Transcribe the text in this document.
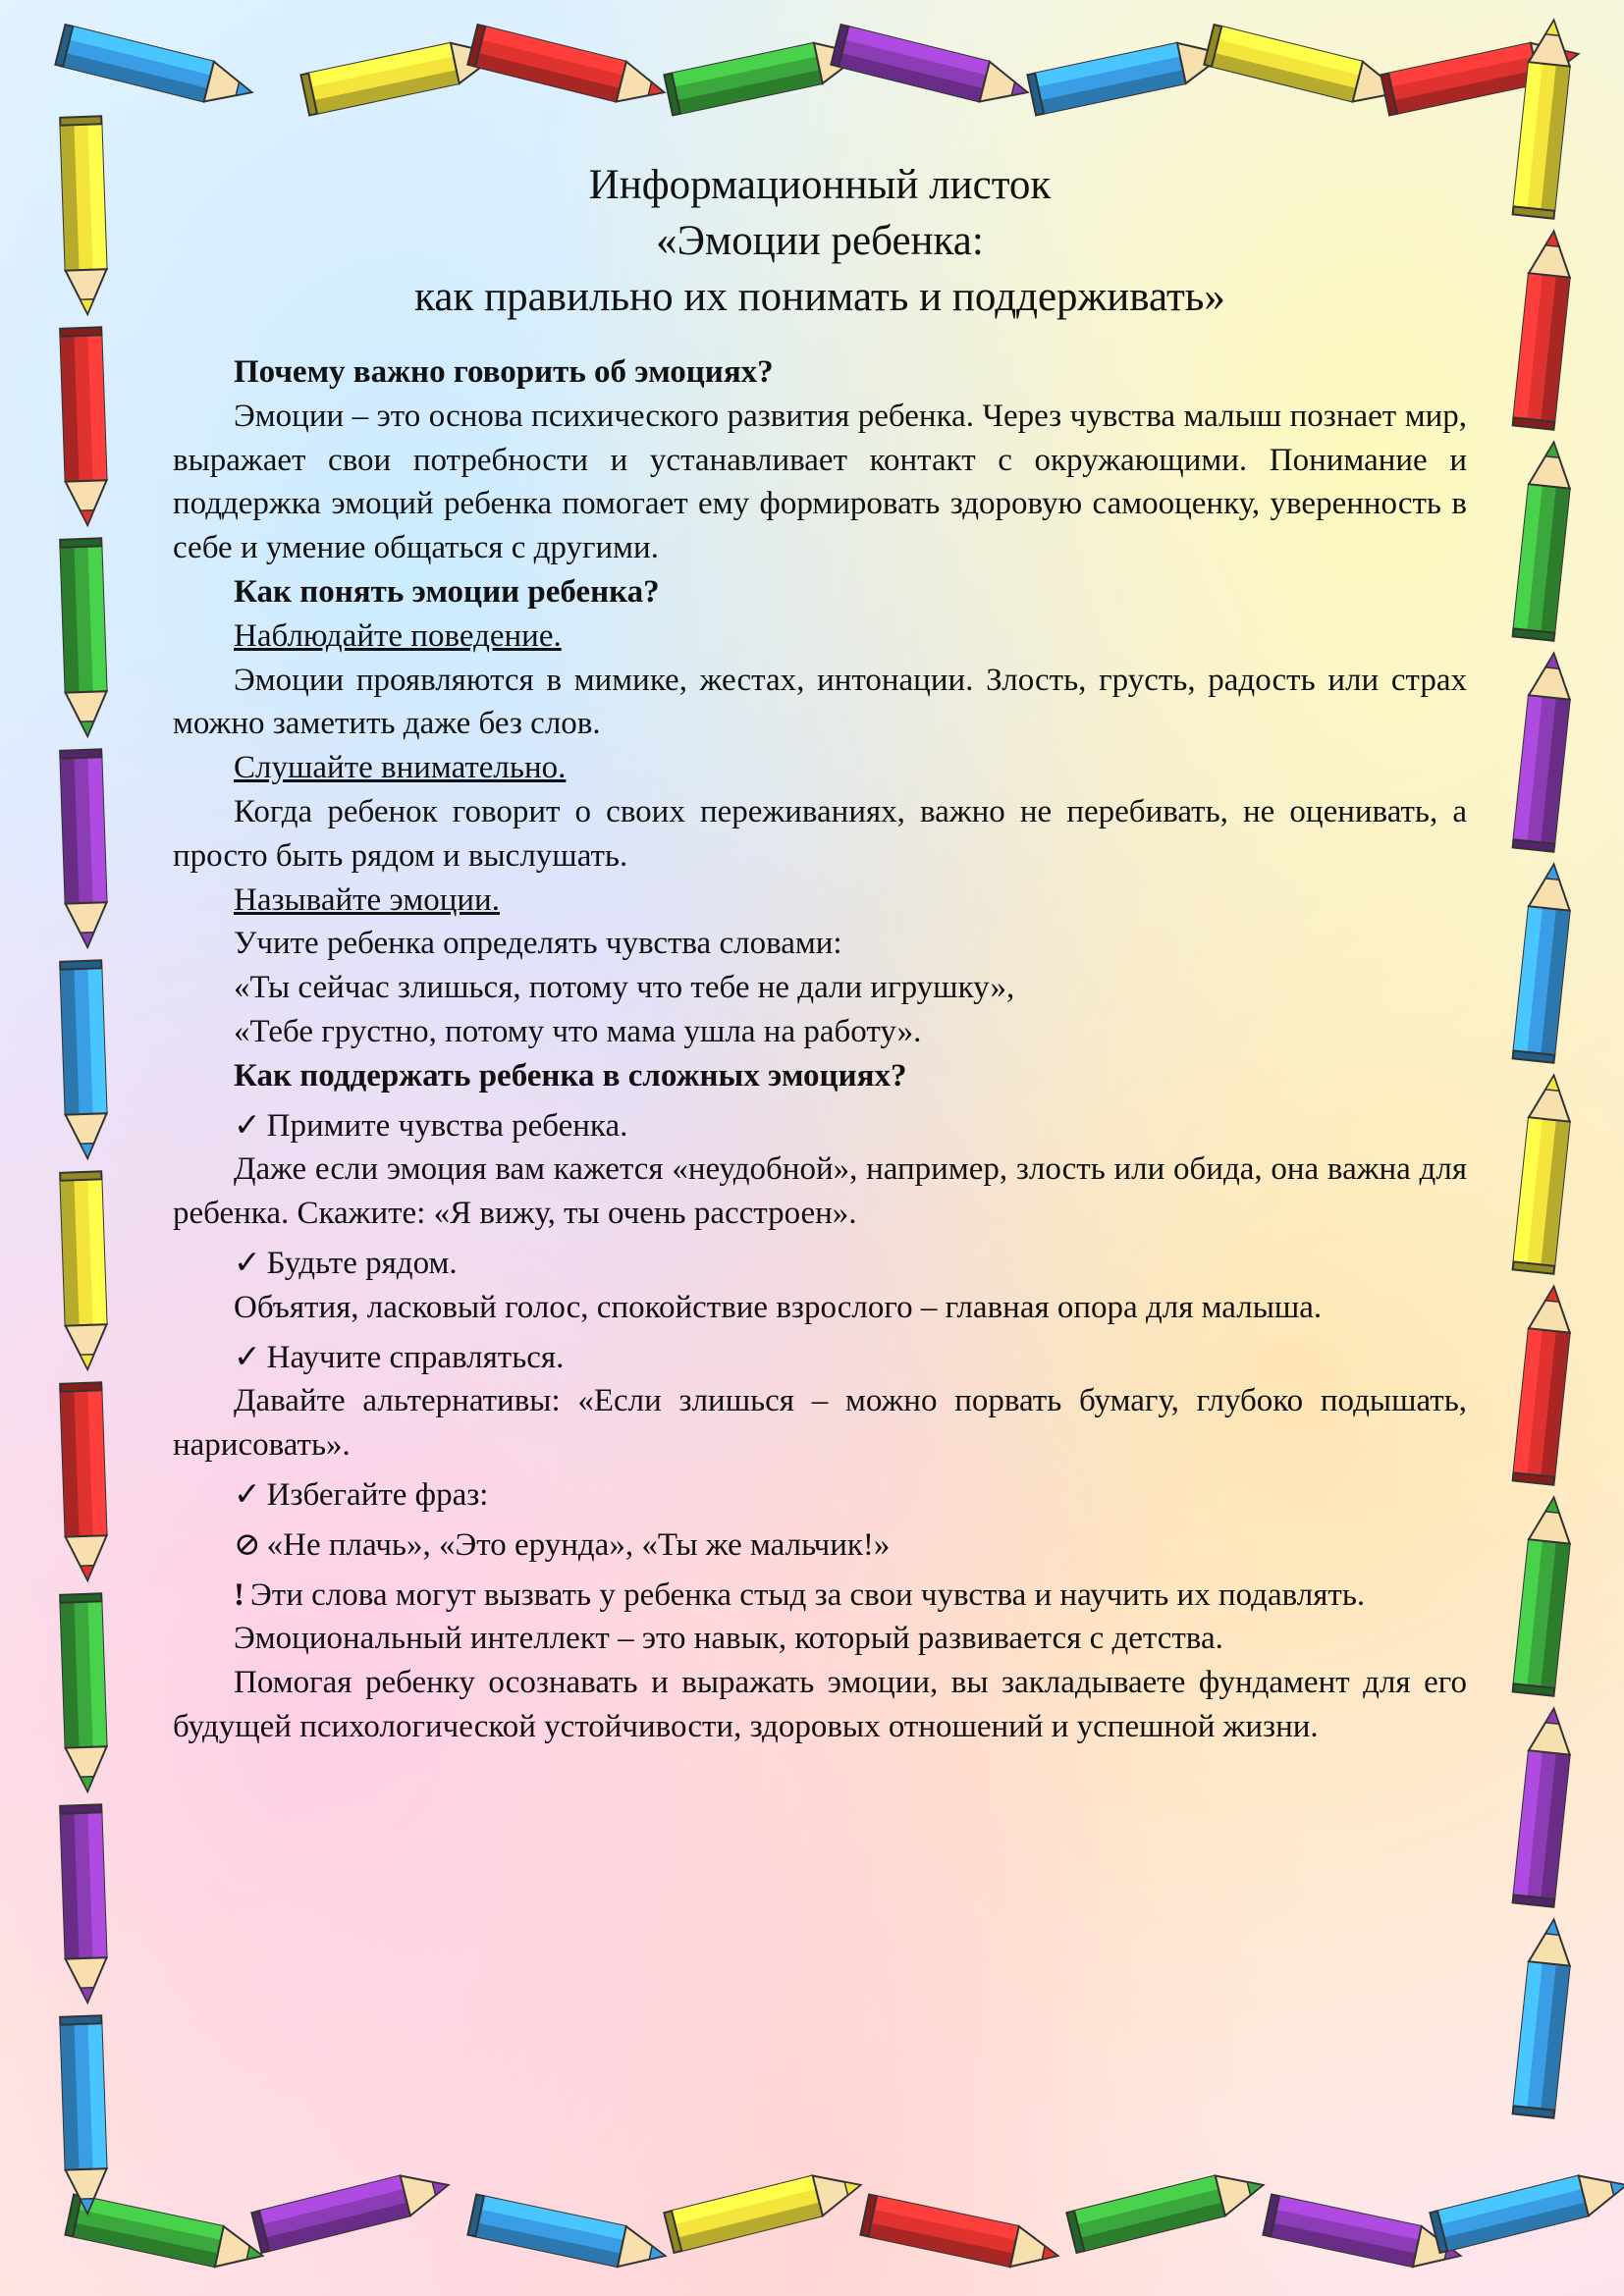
Информационный листок
«Эмоции ребенка:
как правильно их понимать и поддерживать»

Почему важно говорить об эмоциях?

Эмоции – это основа психического развития ребенка. Через чувства малыш познает мир, выражает свои потребности и устанавливает контакт с окружающими. Понимание и поддержка эмоций ребенка помогает ему формировать здоровую самооценку, уверенность в себе и умение общаться с другими.

Как понять эмоции ребенка?

Наблюдайте поведение.

Эмоции проявляются в мимике, жестах, интонации. Злость, грусть, радость или страх можно заметить даже без слов.

Слушайте внимательно.

Когда ребенок говорит о своих переживаниях, важно не перебивать, не оценивать, а просто быть рядом и выслушать.

Называйте эмоции.

Учите ребенка определять чувства словами:

«Ты сейчас злишься, потому что тебе не дали игрушку»,

«Тебе грустно, потому что мама ушла на работу».

Как поддержать ребенка в сложных эмоциях?

✓ Примите чувства ребенка.

Даже если эмоция вам кажется «неудобной», например, злость или обида, она важна для ребенка. Скажите: «Я вижу, ты очень расстроен».

✓ Будьте рядом.

Объятия, ласковый голос, спокойствие взрослого – главная опора для малыша.

✓ Научите справляться.

Давайте альтернативы: «Если злишься – можно порвать бумагу, глубоко подышать, нарисовать».

✓ Избегайте фраз:

⊘ «Не плачь», «Это ерунда», «Ты же мальчик!»

! Эти слова могут вызвать у ребенка стыд за свои чувства и научить их подавлять.

Эмоциональный интеллект – это навык, который развивается с детства.

Помогая ребенку осознавать и выражать эмоции, вы закладываете фундамент для его будущей психологической устойчивости, здоровых отношений и успешной жизни.
